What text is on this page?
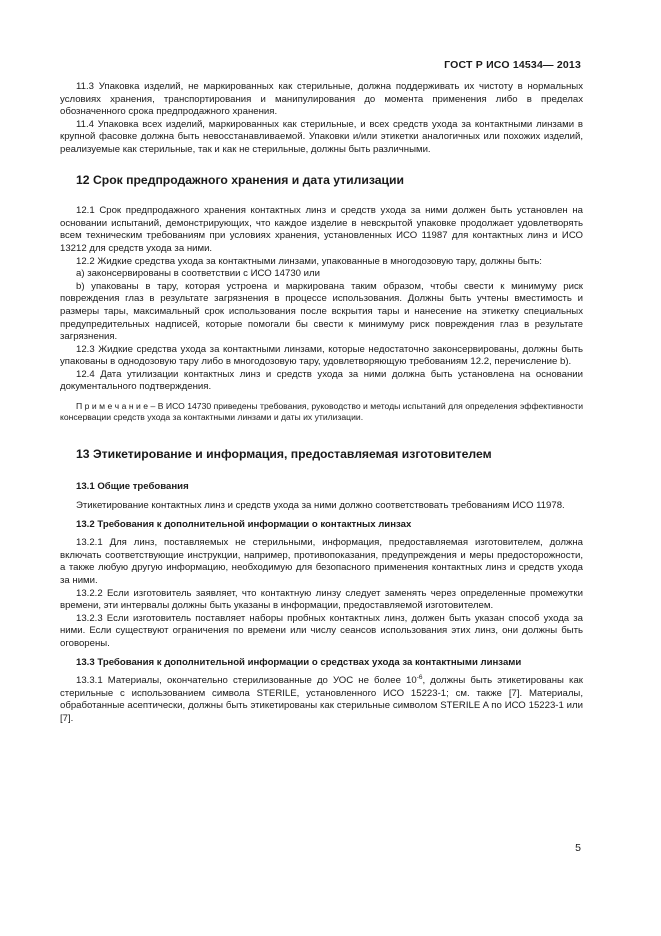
ГОСТ Р ИСО 14534— 2013

11.3 Упаковка изделий, не маркированных как стерильные, должна поддерживать их чистоту в нормальных условиях хранения, транспортирования и манипулирования до момента применения либо в пределах обозначенного срока предпродажного хранения.

11.4 Упаковка всех изделий, маркированных как стерильные, и всех средств ухода за контактными линзами в крупной фасовке должна быть невосстанавливаемой. Упаковки и/или этикетки аналогичных или похожих изделий, реализуемые как стерильные, так и как не стерильные, должны быть различными.

12 Срок предпродажного хранения и дата утилизации

12.1 Срок предпродажного хранения контактных линз и средств ухода за ними должен быть установлен на основании испытаний, демонстрирующих, что каждое изделие в невскрытой упаковке продолжает удовлетворять всем техническим требованиям при условиях хранения, установленных ИСО 11987 для контактных линз и ИСО 13212 для средств ухода за ними.

12.2 Жидкие средства ухода за контактными линзами, упакованные в многодозовую тару, должны быть:

а) законсервированы в соответствии с ИСО 14730 или

b) упакованы в тару, которая устроена и маркирована таким образом, чтобы свести к минимуму риск повреждения глаз в результате загрязнения в процессе использования. Должны быть учтены вместимость и размеры тары, максимальный срок использования после вскрытия тары и нанесение на этикетку специальных предупредительных надписей, которые помогали бы свести к минимуму риск повреждения глаз в результате загрязнения.

12.3 Жидкие средства ухода за контактными линзами, которые недостаточно законсервированы, должны быть упакованы в однодозовую тару либо в многодозовую тару, удовлетворяющую требованиям 12.2, перечисление b).

12.4 Дата утилизации контактных линз и средств ухода за ними должна быть установлена на основании документального подтверждения.

П р и м е ч а н и е – В ИСО 14730 приведены требования, руководство и методы испытаний для определения эффективности консервации средств ухода за контактными линзами и даты их утилизации.

13 Этикетирование и информация, предоставляемая изготовителем

13.1 Общие требования

Этикетирование контактных линз и средств ухода за ними должно соответствовать требованиям ИСО 11978.

13.2 Требования к дополнительной информации о контактных линзах

13.2.1 Для линз, поставляемых не стерильными, информация, предоставляемая изготовителем, должна включать соответствующие инструкции, например, противопоказания, предупреждения и меры предосторожности, а также любую другую информацию, необходимую для безопасного применения контактных линз и средств ухода за ними.

13.2.2 Если изготовитель заявляет, что контактную линзу следует заменять через определенные промежутки времени, эти интервалы должны быть указаны в информации, предоставляемой изготовителем.

13.2.3 Если изготовитель поставляет наборы пробных контактных линз, должен быть указан способ ухода за ними. Если существуют ограничения по времени или числу сеансов использования этих линз, они должны быть оговорены.

13.3 Требования к дополнительной информации о средствах ухода за контактными линзами

13.3.1 Материалы, окончательно стерилизованные до УОС не более $10^{-6}$, должны быть этикетированы как стерильные с использованием символа STERILE, установленного ИСО 15223-1; см. также [7]. Материалы, обработанные асептически, должны быть этикетированы как стерильные символом STERILE A по ИСО 15223-1 или [7].

5
